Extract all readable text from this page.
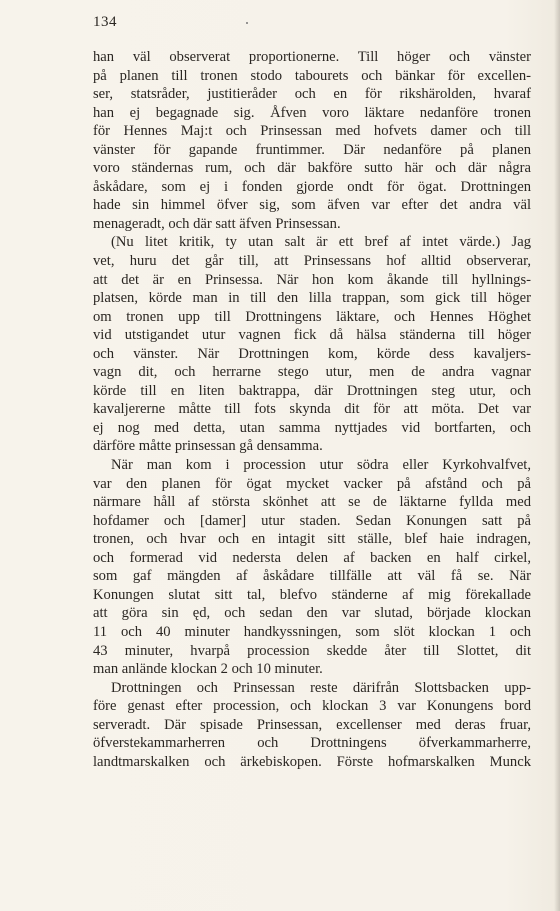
134
han väl observerat proportionerne. Till höger och vänster
på planen till tronen stodo tabourets och bänkar för excellen-
ser, statsråder, justitieråder och en för rikshärolden, hvaraf
han ej begagnade sig. Åfven voro läktare nedanföre tronen
för Hennes Maj:t och Prinsessan med hofvets damer och till
vänster för gapande fruntimmer. Där nedanföre på planen
voro ständernas rum, och där bakföre sutto här och där några
åskådare, som ej i fonden gjorde ondt för ögat. Drottningen
hade sin himmel öfver sig, som äfven var efter det andra väl
menageradt, och där satt äfven Prinsessan.
(Nu litet kritik, ty utan salt är ett bref af intet värde.) Jag
vet, huru det går till, att Prinsessans hof alltid observerar,
att det är en Prinsessa. När hon kom åkande till hyllnings-
platsen, körde man in till den lilla trappan, som gick till höger
om tronen upp till Drottningens läktare, och Hennes Höghet
vid utstigandet utur vagnen fick då hälsa ständerna till höger
och vänster. När Drottningen kom, körde dess kavaljers-
vagn dit, och herrarne stego utur, men de andra vagnar
körde till en liten baktrappa, där Drottningen steg utur, och
kavaljererne måtte till fots skynda dit för att möta. Det var
ej nog med detta, utan samma nyttjades vid bortfarten, och
därföre måtte prinsessan gå densamma.
När man kom i procession utur södra eller Kyrkohvalfvet,
var den planen för ögat mycket vacker på afstånd och på
närmare håll af största skönhet att se de läktarne fyllda med
hofdamer och [damer] utur staden. Sedan Konungen satt på
tronen, och hvar och en intagit sitt ställe, blef haie indragen,
och formerad vid nedersta delen af backen en half cirkel,
som gaf mängden af åskådare tillfälle att väl få se. När
Konungen slutat sitt tal, blefvo ständerne af mig förekallade
att göra sin ęd, och sedan den var slutad, började klockan
11 och 40 minuter handkyssningen, som slöt klockan 1 och
43 minuter, hvarpå procession skedde åter till Slottet, dit
man anlände klockan 2 och 10 minuter.
Drottningen och Prinsessan reste därifrån Slottsbacken upp-
före genast efter procession, och klockan 3 var Konungens bord
serveradt. Där spisade Prinsessan, excellenser med deras fruar,
öfverstekammarherren och Drottningens öfverkammarherre,
landtmarskalken och ärkebiskopen. Förste hofmarskalken Munck
